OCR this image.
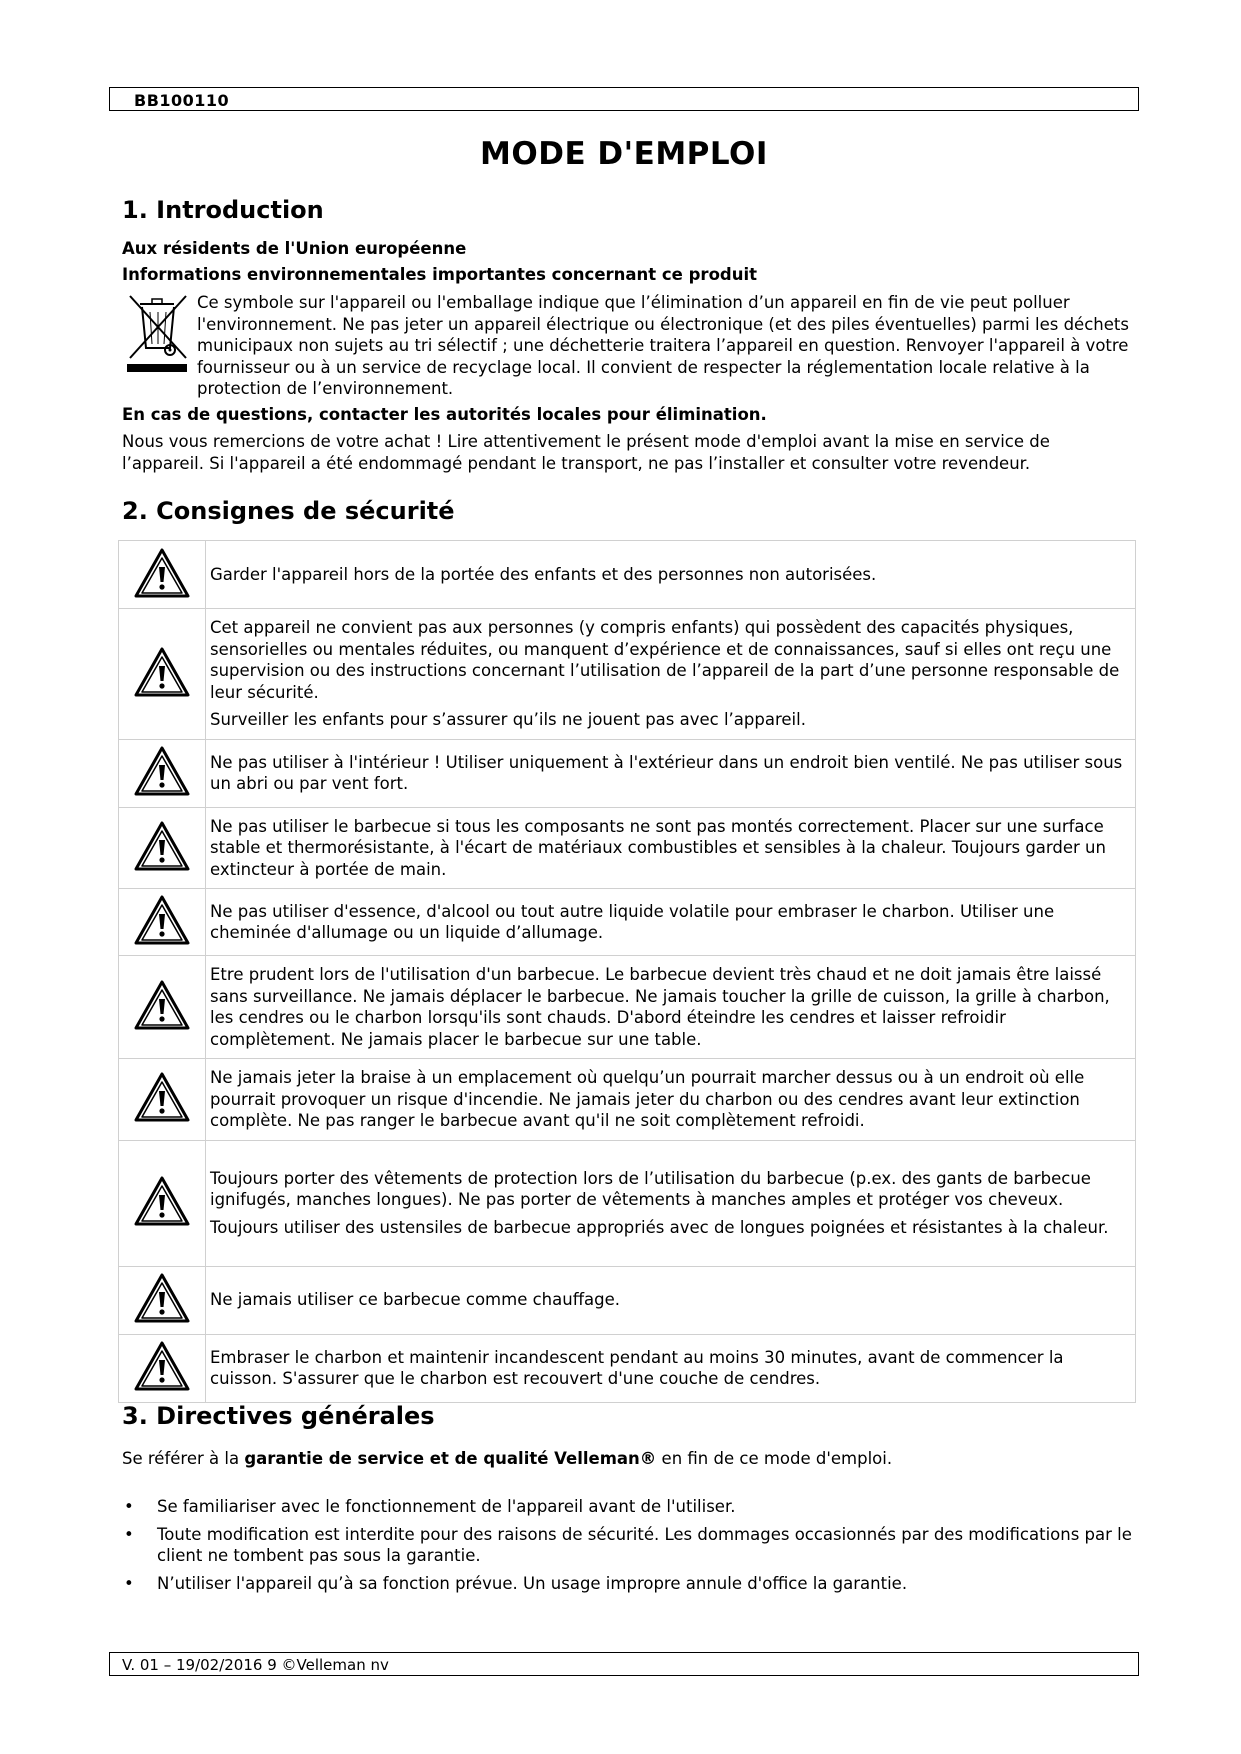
BB100110
MODE D'EMPLOI
1. Introduction
Aux résidents de l'Union européenne
Informations environnementales importantes concernant ce produit

Ce symbole sur l'appareil ou l'emballage indique que l’élimination d’un appareil en fin de vie peut polluer l'environnement. Ne pas jeter un appareil électrique ou électronique (et des piles éventuelles) parmi les déchets municipaux non sujets au tri sélectif ; une déchetterie traitera l’appareil en question. Renvoyer l'appareil à votre fournisseur ou à un service de recyclage local. Il convient de respecter la réglementation locale relative à la protection de l’environnement.

En cas de questions, contacter les autorités locales pour élimination.

Nous vous remercions de votre achat ! Lire attentivement le présent mode d'emploi avant la mise en service de l’appareil. Si l'appareil a été endommagé pendant le transport, ne pas l’installer et consulter votre revendeur.

2. Consignes de sécurité

Garder l'appareil hors de la portée des enfants et des personnes non autorisées.

Cet appareil ne convient pas aux personnes (y compris enfants) qui possèdent des capacités physiques, sensorielles ou mentales réduites, ou manquent d’expérience et de connaissances, sauf si elles ont reçu une supervision ou des instructions concernant l’utilisation de l’appareil de la part d’une personne responsable de leur sécurité.

Surveiller les enfants pour s’assurer qu’ils ne jouent pas avec l’appareil.

Ne pas utiliser à l'intérieur ! Utiliser uniquement à l'extérieur dans un endroit bien ventilé. Ne pas utiliser sous un abri ou par vent fort.

Ne pas utiliser le barbecue si tous les composants ne sont pas montés correctement. Placer sur une surface stable et thermorésistante, à l'écart de matériaux combustibles et sensibles à la chaleur. Toujours garder un extincteur à portée de main.

Ne pas utiliser d'essence, d'alcool ou tout autre liquide volatile pour embraser le charbon. Utiliser une cheminée d'allumage ou un liquide d’allumage.

Etre prudent lors de l'utilisation d'un barbecue. Le barbecue devient très chaud et ne doit jamais être laissé sans surveillance. Ne jamais déplacer le barbecue. Ne jamais toucher la grille de cuisson, la grille à charbon, les cendres ou le charbon lorsqu'ils sont chauds. D'abord éteindre les cendres et laisser refroidir complètement. Ne jamais placer le barbecue sur une table.

Ne jamais jeter la braise à un emplacement où quelqu’un pourrait marcher dessus ou à un endroit où elle pourrait provoquer un risque d'incendie. Ne jamais jeter du charbon ou des cendres avant leur extinction complète. Ne pas ranger le barbecue avant qu'il ne soit complètement refroidi.

Toujours porter des vêtements de protection lors de l’utilisation du barbecue (p.ex. des gants de barbecue ignifugés, manches longues). Ne pas porter de vêtements à manches amples et protéger vos cheveux.

Toujours utiliser des ustensiles de barbecue appropriés avec de longues poignées et résistantes à la chaleur.

Ne jamais utiliser ce barbecue comme chauffage.

Embraser le charbon et maintenir incandescent pendant au moins 30 minutes, avant de commencer la cuisson. S'assurer que le charbon est recouvert d'une couche de cendres.

3. Directives générales

Se référer à la garantie de service et de qualité Velleman® en fin de ce mode d'emploi.

• Se familiariser avec le fonctionnement de l'appareil avant de l'utiliser.
• Toute modification est interdite pour des raisons de sécurité. Les dommages occasionnés par des modifications par le client ne tombent pas sous la garantie.
• N’utiliser l'appareil qu’à sa fonction prévue. Un usage impropre annule d'office la garantie.
V. 01 – 19/02/2016 9 ©Velleman nv
